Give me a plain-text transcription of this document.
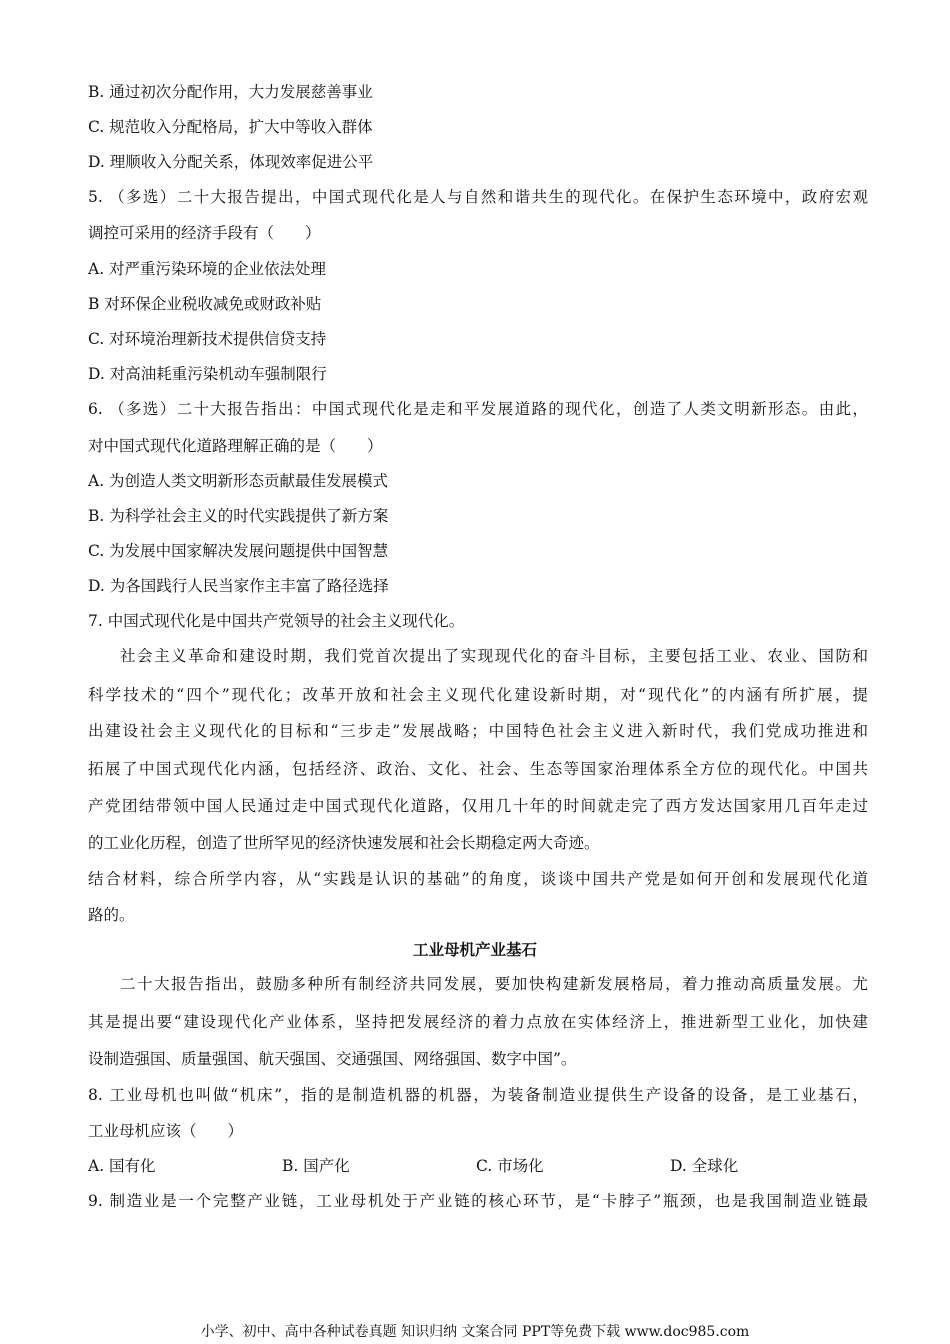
B. 通过初次分配作用，大力发展慈善事业
C. 规范收入分配格局，扩大中等收入群体
D. 理顺收入分配关系，体现效率促进公平
5. （多选）二十大报告提出，中国式现代化是人与自然和谐共生的现代化。在保护生态环境中，政府宏观
调控可采用的经济手段有（　　）
A. 对严重污染环境的企业依法处理
B 对环保企业税收减免或财政补贴
C. 对环境治理新技术提供信贷支持
D. 对高油耗重污染机动车强制限行
6. （多选）二十大报告指出：中国式现代化是走和平发展道路的现代化，创造了人类文明新形态。由此，
对中国式现代化道路理解正确的是（　　）
A. 为创造人类文明新形态贡献最佳发展模式
B. 为科学社会主义的时代实践提供了新方案
C. 为发展中国家解决发展问题提供中国智慧
D. 为各国践行人民当家作主丰富了路径选择
7. 中国式现代化是中国共产党领导的社会主义现代化。
社会主义革命和建设时期，我们党首次提出了实现现代化的奋斗目标，主要包括工业、农业、国防和
科学技术的“四个”现代化；改革开放和社会主义现代化建设新时期，对“现代化”的内涵有所扩展，提
出建设社会主义现代化的目标和“三步走”发展战略；中国特色社会主义进入新时代，我们党成功推进和
拓展了中国式现代化内涵，包括经济、政治、文化、社会、生态等国家治理体系全方位的现代化。中国共
产党团结带领中国人民通过走中国式现代化道路，仅用几十年的时间就走完了西方发达国家用几百年走过
的工业化历程，创造了世所罕见的经济快速发展和社会长期稳定两大奇迹。
结合材料，综合所学内容，从“实践是认识的基础”的角度，谈谈中国共产党是如何开创和发展现代化道
路的。
工业母机产业基石
二十大报告指出，鼓励多种所有制经济共同发展，要加快构建新发展格局，着力推动高质量发展。尤
其是提出要“建设现代化产业体系，坚持把发展经济的着力点放在实体经济上，推进新型工业化，加快建
设制造强国、质量强国、航天强国、交通强国、网络强国、数字中国”。
8. 工业母机也叫做“机床”，指的是制造机器的机器，为装备制造业提供生产设备的设备，是工业基石，
工业母机应该（　　）
A. 国有化	B. 国产化	C. 市场化	D. 全球化
9. 制造业是一个完整产业链，工业母机处于产业链的核心环节，是“卡脖子”瓶颈，也是我国制造业链最
小学、初中、高中各种试卷真题 知识归纳 文案合同 PPT等免费下载 www.doc985.com
